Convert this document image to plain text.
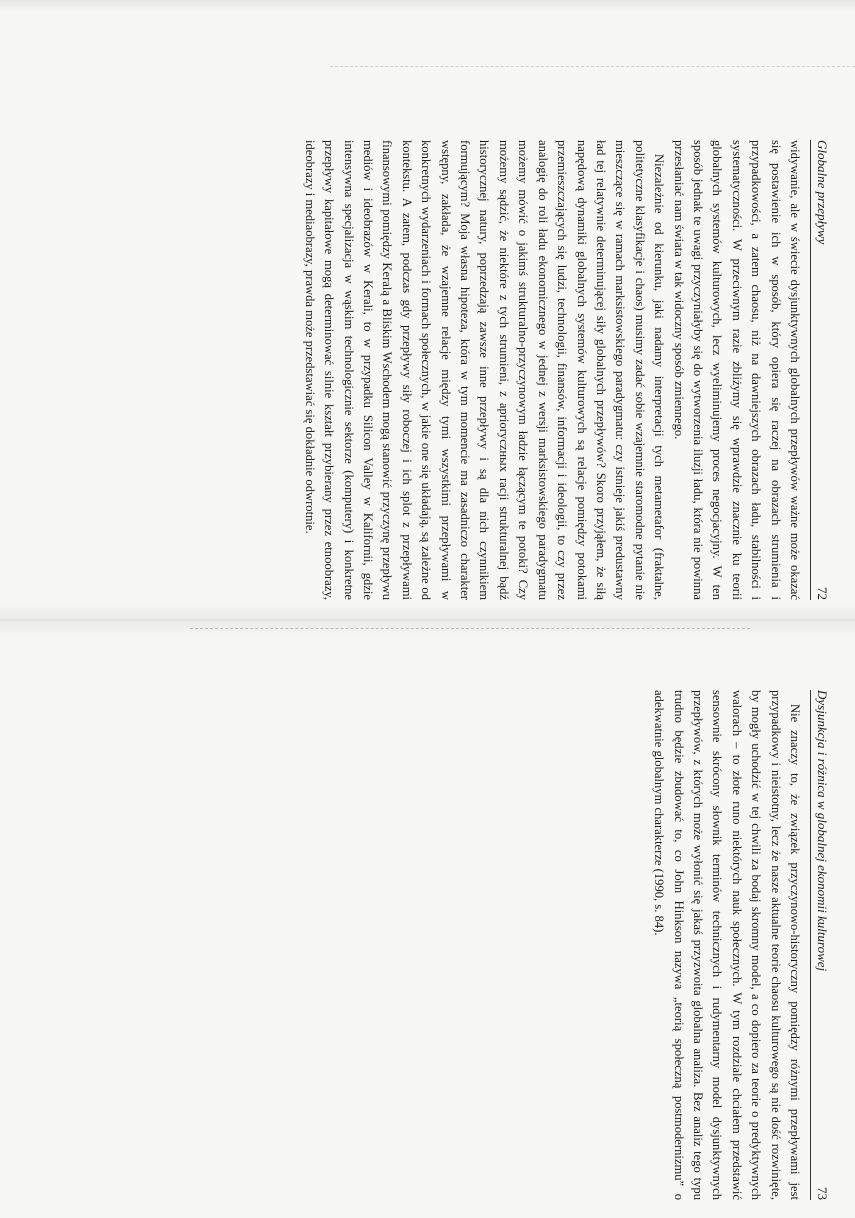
72
Globalne przepływy

widywanie, ale w świecie dysjunktywnych globalnych przepływów ważne może okazać się postawienie ich w sposób, który opiera się raczej na obrazach strumienia i przypadkowości, a zatem chaosu, niż na dawniejszych obrazach ładu, stabilności i systematyczności. W przeciwnym razie zbliżymy się wprawdzie znacznie ku teorii globalnych systemów kulturowych, lecz wyeliminujemy proces negocjacyjny. W ten sposób jednak te uwagi przyczyniałyby się do wytworzenia iluzji ładu, która nie powinna przesłaniać nam świata w tak widoczny sposób zmiennego.

Niezależnie od kierunku, jaki nadamy interpretacji tych metametafor (fraktalne, politetyczne klasyfikacje i chaos) musimy zadać sobie wzajemnie staromodne pytanie nie mieszczące się w ramach marksistowskiego paradygmatu: czy istnieje jakiś predustawny ład tej relatywnie determinującej siły globalnych przepływów? Skoro przyjąłem, że siłą napędową dynamiki globalnych systemów kulturowych są relacje pomiędzy potokami przemieszczających się ludzi, technologii, finansów, informacji i ideologii, to czy przez analogię do roli ładu ekonomicznego w jednej z wersji marksistowskiego paradygmatu możemy mówić o jakimś strukturalno-przyczynowym ładzie łączącym te potoki? Czy możemy sądzić, że niektóre z tych strumieni, z aprioryczных racji strukturalnej bądź historycznej natury, poprzedzają zawsze inne przepływy i są dla nich czynnikiem formującym? Moja własna hipoteza, która w tym momencie ma zasadniczo charakter wstępny, zakłada, że wzajemne relacje między tymi wszystkimi przepływami w konkretnych wydarzeniach i formach społecznych, w jakie one się układają, są zależne od kontekstu. A zatem, podczas gdy przepływy siły roboczej i ich splot z przepływami finansowymi pomiędzy Keralą a Bliskim Wschodem mogą stanowić przyczynę przepływu mediów i ideobrazów w Kerali, to w przypadku Silicon Valley w Kalifornii, gdzie intensywna specjalizacja w wąskim technologicznie sektorze (komputery) i konkretne przepływy kapitałowe mogą determinować silnie kształt przybierany przez etnoobrazy, ideobrazy i mediaobrazy, prawda może przedstawiać się dokładnie odwrotnie.

Dysjunkcja i różnica w globalnej ekonomii kulturowej
73

Nie znaczy to, że związek przyczynowo-historyczny pomiędzy różnymi przepływami jest przypadkowy i nieistotny, lecz że nasze aktualne teorie chaosu kulturowego są nie dość rozwinięte, by mogły uchodzić w tej chwili za bodaj skromny model, a co dopiero za teorie o predyktywnych walorach – to złote runo niektórych nauk społecznych. W tym rozdziale chciałem przedstawić sensownie skrócony słownik terminów technicznych i rudymentarny model dysjunktywnych przepływów, z których może wyłonić się jakaś przyzwoita globalna analiza. Bez analiz tego typu trudno będzie zbudować to, co John Hinkson nazywa „teorią społeczną postmodernizmu” o adekwatnie globalnym charakterze (1990, s. 84).
